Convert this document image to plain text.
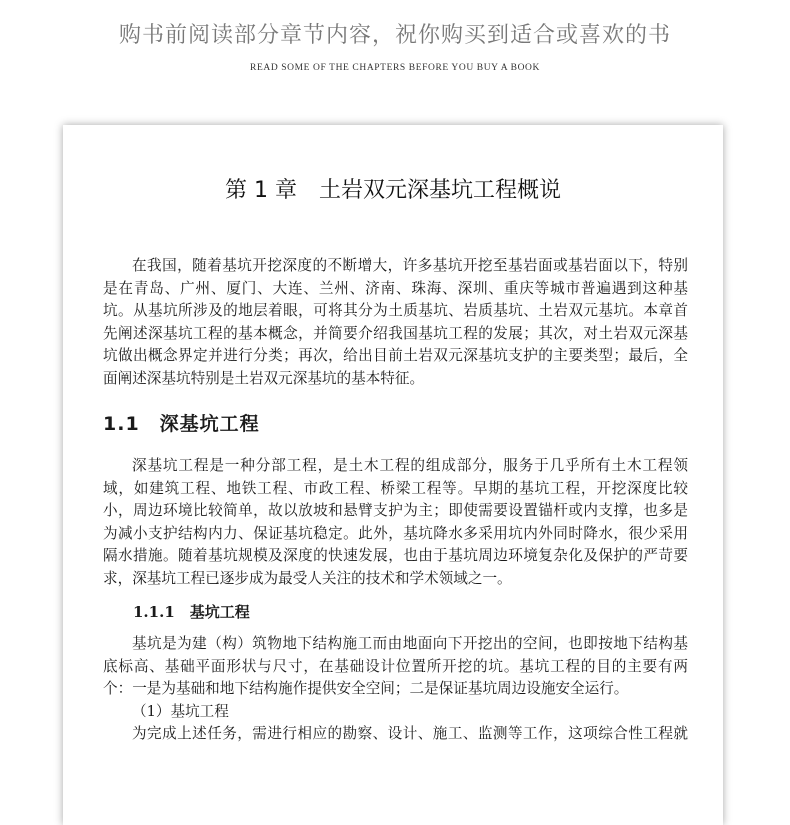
购书前阅读部分章节内容，祝你购买到适合或喜欢的书
READ SOME OF THE CHAPTERS BEFORE YOU BUY A BOOK
第 1 章　土岩双元深基坑工程概说
在我国，随着基坑开挖深度的不断增大，许多基坑开挖至基岩面或基岩面以下，特别
是在青岛、广州、厦门、大连、兰州、济南、珠海、深圳、重庆等城市普遍遇到这种基
坑。从基坑所涉及的地层着眼，可将其分为土质基坑、岩质基坑、土岩双元基坑。本章首
先阐述深基坑工程的基本概念，并简要介绍我国基坑工程的发展；其次，对土岩双元深基
坑做出概念界定并进行分类；再次，给出目前土岩双元深基坑支护的主要类型；最后，全
面阐述深基坑特别是土岩双元深基坑的基本特征。
1.1　深基坑工程
深基坑工程是一种分部工程，是土木工程的组成部分，服务于几乎所有土木工程领
域，如建筑工程、地铁工程、市政工程、桥梁工程等。早期的基坑工程，开挖深度比较
小，周边环境比较简单，故以放坡和悬臂支护为主；即使需要设置锚杆或内支撑，也多是
为减小支护结构内力、保证基坑稳定。此外，基坑降水多采用坑内外同时降水，很少采用
隔水措施。随着基坑规模及深度的快速发展，也由于基坑周边环境复杂化及保护的严苛要
求，深基坑工程已逐步成为最受人关注的技术和学术领域之一。
1.1.1　基坑工程
基坑是为建（构）筑物地下结构施工而由地面向下开挖出的空间，也即按地下结构基
底标高、基础平面形状与尺寸，在基础设计位置所开挖的坑。基坑工程的目的主要有两
个：一是为基础和地下结构施作提供安全空间；二是保证基坑周边设施安全运行。
（1）基坑工程
为完成上述任务，需进行相应的勘察、设计、施工、监测等工作，这项综合性工程就
